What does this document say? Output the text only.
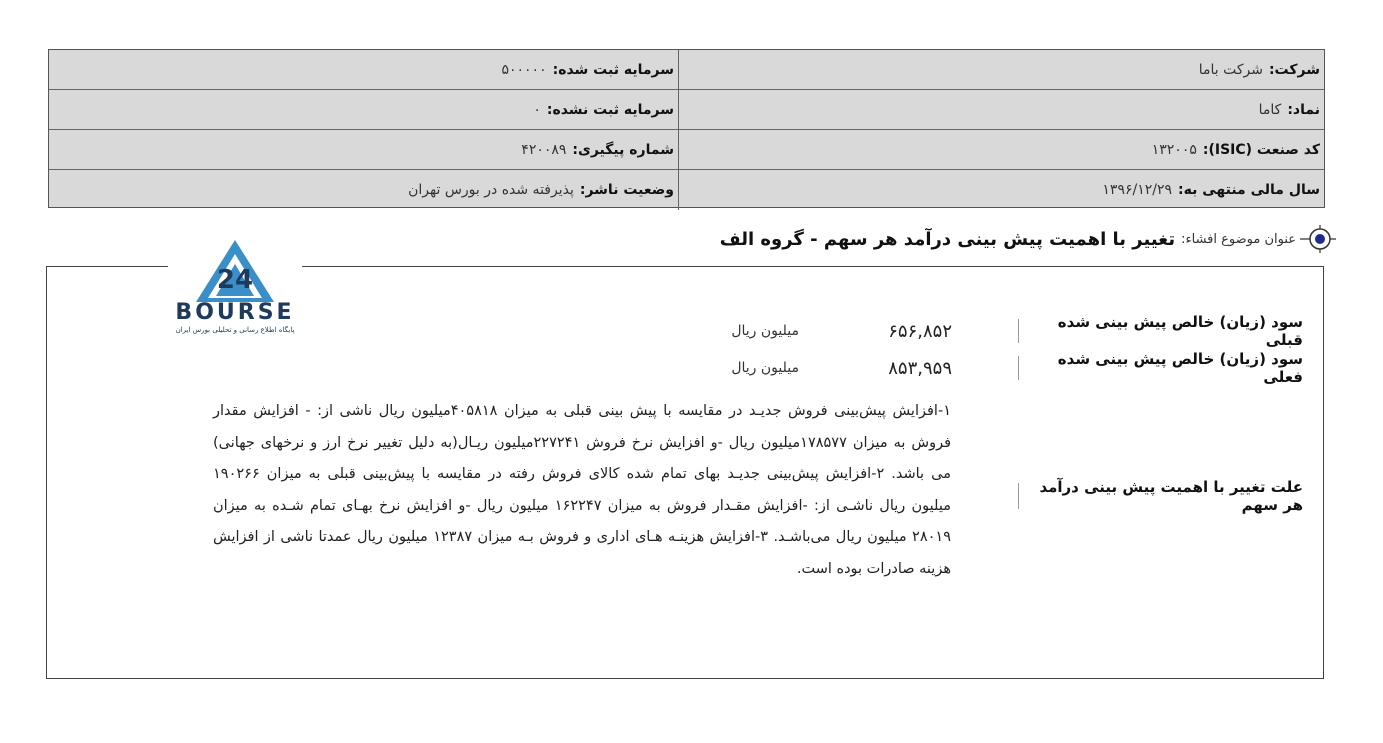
شرکت:
شرکت باما
سرمایه ثبت شده:
۵۰۰۰۰۰
نماد:
کاما
سرمایه ثبت نشده:
۰
کد صنعت (ISIC):
۱۳۲۰۰۵
شماره پیگیری:
۴۲۰۰۸۹
سال مالی منتهی به:
۱۳۹۶/۱۲/۲۹
وضعیت ناشر:
پذیرفته شده در بورس تهران
عنوان موضوع افشاء:
تغییر با اهمیت پیش بینی درآمد هر سهم - گروه الف
24
BOURSE
پایگاه اطلاع رسانی و تحلیلی بورس ایران	سود (زیان) خالص پیش بینی شده قبلی
۶۵۶,۸۵۲
میلیون ریال
سود (زیان) خالص پیش بینی شده فعلی
۸۵۳,۹۵۹
میلیون ریال
علت تغییر با اهمیت پیش بینی درآمد هر سهم
۱-افزایش پیش‌بینی فروش جدیـد در مقایسه با پیش بینی قبلی به میزان ۴۰۵۸۱۸میلیون ریال ناشی از: - افزایش مقدار فروش به میزان ۱۷۸۵۷۷میلیون ریال -و افزایش نرخ فروش ۲۲۷۲۴۱میلیون ریـال(به دلیل تغییر نرخ ارز و نرخهای جهانی) می باشد. ۲-افزایش پیش‌بینی جدیـد بهای تمام شده کالای فروش رفته در مقایسه با پیش‌بینی قبلی به میزان ۱۹۰۲۶۶ میلیون ریال ناشـی از: -افزایش مقـدار فروش به میزان ۱۶۲۲۴۷ میلیون ریال -و افزایش نرخ بهـای تمام شـده به میزان ۲۸۰۱۹ میلیون ریال می‌باشـد. ۳-افزایش هزینـه هـای اداری و فروش بـه میزان ۱۲۳۸۷ میلیون ریال عمدتا ناشی از افزایش هزینه صادرات بوده است.
